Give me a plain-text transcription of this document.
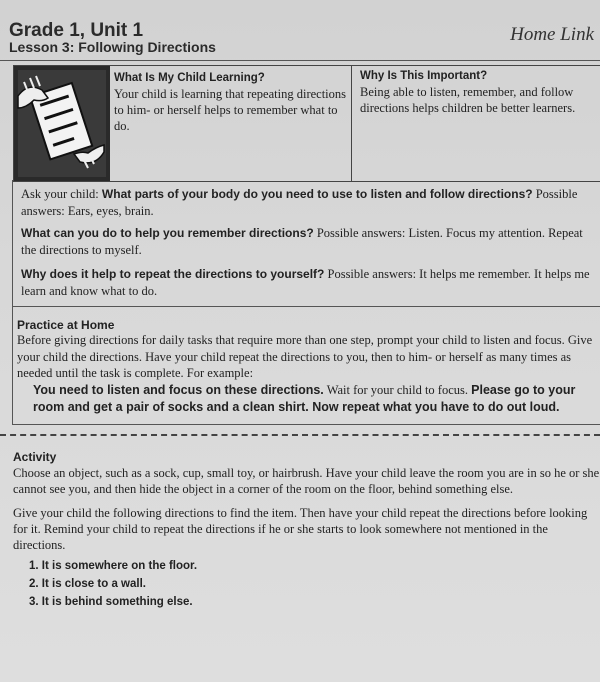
Grade 1, Unit 1
Lesson 3: Following Directions
Home Link
What Is My Child Learning?
Your child is learning that repeating directions to him- or herself helps to remember what to do.
Why Is This Important?
Being able to listen, remember, and follow directions helps children be better learners.
Ask your child: What parts of your body do you need to use to listen and follow directions? Possible answers: Ears, eyes, brain.
What can you do to help you remember directions? Possible answers: Listen. Focus my attention. Repeat the directions to myself.
Why does it help to repeat the directions to yourself? Possible answers: It helps me remember. It helps me learn and know what to do.
Practice at Home
Before giving directions for daily tasks that require more than one step, prompt your child to listen and focus. Give your child the directions. Have your child repeat the directions to you, then to him- or herself as many times as needed until the task is complete. For example:
You need to listen and focus on these directions. Wait for your child to focus. Please go to your room and get a pair of socks and a clean shirt. Now repeat what you have to do out loud.
Activity
Choose an object, such as a sock, cup, small toy, or hairbrush. Have your child leave the room you are in so he or she cannot see you, and then hide the object in a corner of the room on the floor, behind something else.
Give your child the following directions to find the item. Then have your child repeat the directions before looking for it. Remind your child to repeat the directions if he or she starts to look somewhere not mentioned in the directions.
1. It is somewhere on the floor.
2. It is close to a wall.
3. It is behind something else.
